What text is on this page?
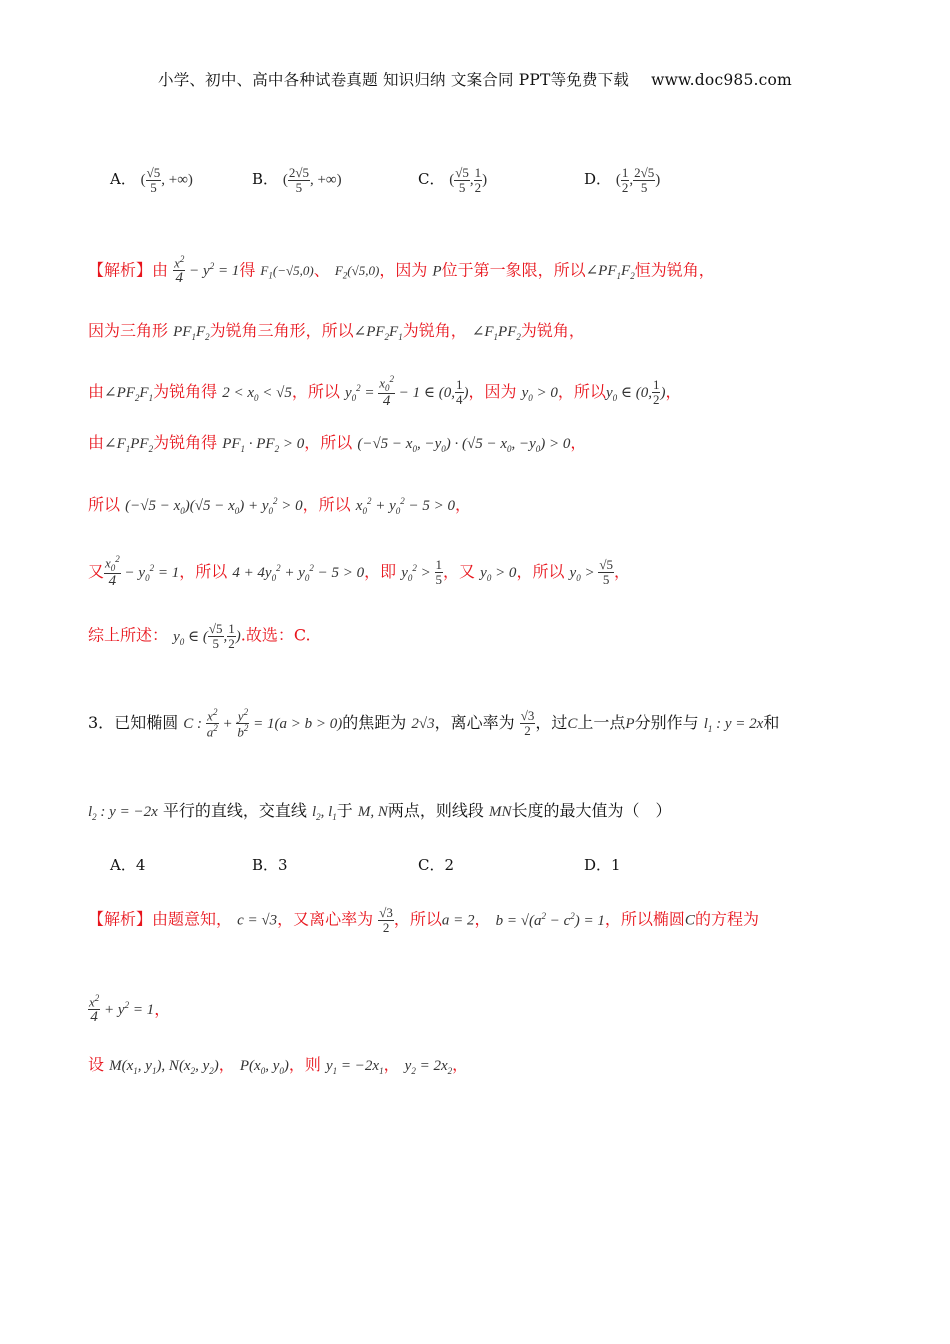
小学、初中、高中各种试卷真题 知识归纳 文案合同 PPT等免费下载 www.doc985.com
A． ( $\frac{√5}{5}$ , +∞)	B． ( $\frac{2√5}{5}$ , +∞)	C． ( $\frac{√5}{5}$ , $\frac{1}{2}$ )	D． ( $\frac{1}{2}$ , $\frac{2√5}{5}$ )
【解析】由 $\frac{x^2}{4} - y^2 = 1$得 $F_1(-√5,0)$、 $F_2(√5,0)$，因为 P位于第一象限，所以$\angle PF_1F_2$恒为锐角，
因为三角形 $PF_1F_2$为锐角三角形，所以$\angle PF_2F_1$为锐角， $\angle F_1PF_2$为锐角，
由$\angle PF_2F_1$为锐角得 $2 < x_0 < √5$，所以 $y_0^2 = \frac{x_0^2}{4} - 1$ ∈ (0, $\frac{1}{4}$ )，因为 $y_0 > 0$，所以$y_0$ ∈ (0, $\frac{1}{2}$ )，
由$\angle F_1PF_2$为锐角得 $PF_1 \cdot PF_2 > 0$，所以 ($-√5 - x_0$, $-y_0) \cdot (√5 - x_0$, $-y_0) > 0$，
所以 $(-√5 - x_0)(√5 - x_0) + y_0^2 > 0$，所以 $x_0^2 + y_0^2 - 5 > 0$，
又 $\frac{x_0^2}{4} - y_0^2 = 1$，所以 $4 + 4y_0^2 + y_0^2 - 5 > 0$，即 $y_0^2 > \frac{1}{5}$ ，又 $y_0 > 0$，所以 $y_0 > \frac{√5}{5}$ ，
综上所述： $y_0$ ∈ ( $\frac{√5}{5}$ , $\frac{1}{2}$ ).故选：C.
3．已知椭圆 C : $\frac{x^2}{a^2} + \frac{y^2}{b^2} = 1(a > b > 0)$的焦距为 2√3，离心率为 $\frac{√3}{2}$ ，过C上一点P分别作与 $l_1$ : y = 2x和
$l_2$ : y = −2x 平行的直线，交直线 $l_2$, $l_1$于 M, N两点，则线段 MN长度的最大值为（　）
A．4	B．3	C．2	D．1
【解析】由题意知， c = √3，又离心率为 $\frac{√3}{2}$ ，所以a = 2， $b = √(a^2 - c^2) = 1$，所以椭圆C的方程为
$\frac{x^2}{4} + y^2 = 1$，
设 $M(x_1$, $y_1$), $N(x_2$, $y_2$)， $P(x_0$, $y_0$)，则 $y_1 = -2x_1$， $y_2 = 2x_2$，
